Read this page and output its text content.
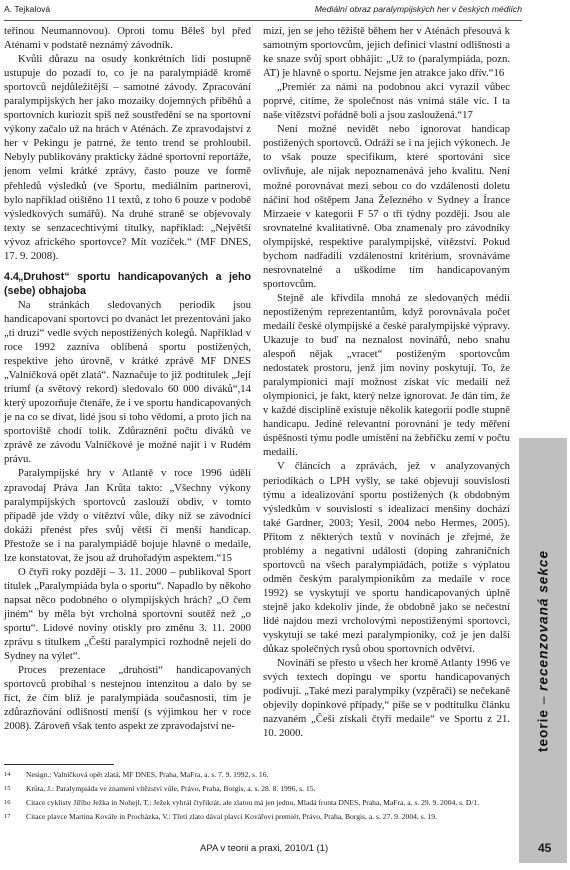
A. Tejkalová	Mediální obraz paralympijských her v českých médiích

teřinou Neumannovou). Oproti tomu Běleš byl před Aténami v podstatě neznámý závodník.

Kvůli důrazu na osudy konkrétních lidí postupně ustupuje do pozadí to, co je na paralympiádě kromě sportovců nejdůležitější – samotné závody. Zpracování paralympijských her jako mozaiky dojemných příběhů a sportovních kuriozit spíš než soustředění se na sportovní výkony začalo už na hrách v Aténách. Ze zpravodajství z her v Pekingu je patrné, že tento trend se prohloubil. Nebyly publikovány prakticky žádné sportovní reportáže, jenom velmi krátké zprávy, často pouze ve formě přehledů výsledků (ve Sportu, mediálním partnerovi, bylo například otištěno 11 textů, z toho 6 pouze v podobě výsledkových sumářů). Na druhé straně se objevovaly texty se senzacechtivými titulky, například: „Největší vývoz afrického sportovce? Mít vozíček.“ (MF DNES, 17. 9. 2008).

4.4„Druhost“ sportu handicapovaných a jeho (sebe) obhajoba

Na stránkách sledovaných periodik jsou handicapovaní sportovci po dvanáct let prezentováni jako „ti druzí“ vedle svých nepostižených kolegů. Například v roce 1992 zazníva oblíbená sportu postižených, respektive jeho úrovně, v krátké zprávě MF DNES „Valníčková opět zlatá“. Naznačuje to již podtitulek „Její triumf (a světový rekord) sledovalo 60 000 diváků“,14 který upozorňuje čtenáře, že i ve sportu handicapovaných je na co se dívat, lidé jsou si toho vědomi, a proto jich na sportoviště chodí tolik. Zdůraznění počtu diváků ve zprávě ze závodu Valníčkové je možné najít i v Rudém právu.

Paralympijské hry v Atlantě v roce 1996 údělí zpravodaj Práva Jan Krůta takto: „Všechny výkony paralympijských sportovců zaslouží obdiv, v tomto případě jde vždy o vítěztví vůle, díky níž se závodníci dokáží přenést přes svůj větší či menší handicap. Přestože se i na paralympiádě bojuje hlavně o medaile, lze konstatovat, že jsou až druhořadým aspektem.“15

O čtyři roky později – 3. 11. 2000 – publikoval Sport titulek „Paralympiáda byla o sportu“. Napadlo by někoho napsat něco podobného o olympijských hrách? „O čem jiném“ by měla být vrcholná sportovní soutěž než „o sportu“. Lidové noviny otiskly pro změnu 3. 11. 2000 zprávu s titulkem „Čeští paralympici rozhodně nejeli do Sydney na výlet“.

Proces prezentace „druhosti“ handicapovaných sportovců probíhal s nestejnou intenzitou a dalo by se říct, že čím blíž je paralympiáda současnosti, tím je zdůrazňování odlišností menší (s výjimkou her v roce 2008). Zároveň však tento aspekt ze zpravodajství ne-

mizí, jen se jeho těžiště během her v Aténách přesouvá k samotným sportovcům, jejich definici vlastní odlišnosti a ke snaze svůj sport obhájit: „Už to (paralympiáda, pozn. AT) je hlavně o sportu. Nejsme jen atrakce jako dřív.“16

„Premiér za námi na podobnou akci vyrazil vůbec poprvé, cítíme, že společnost nás vnímá stále víc. I ta naše vítězství pořádně boli a jsou zasloužená.“17

Není možné nevidět nebo ignorovat handicap postižených sportovců. Odráží se i na jejich výkonech. Je to však pouze specifikum, které sportování sice ovlivňuje, ale nijak nepoznamenává jeho kvalitu. Není možné porovnávat mezi sebou co do vzdálenosti doletu náčiní hod oštěpem Jana Železného v Sydney a Írance Mirzaeie v kategorii F 57 o tři týdny později. Jsou ale srovnatelné kvalitativně. Oba znamenaly pro závodníky olympijské, respektive paralympijské, vítězství. Pokud bychom nadřadili vzdálenostní kritérium, srovnáváme nesrovnatelné a uškodíme tím handicapovaným sportovcům.

Stejně ale křivdila mnohá ze sledovaných médií nepostiženým reprezentantům, když porovnávala počet medailí české olympijské a české paralympijské výpravy. Ukazuje to buď na neznalost novinářů, nebo snahu alespoň nějak „vracet“ postiženým sportovcům nedostatek prostoru, jenž jim noviny poskytují. To, že paralympionici mají možnost získat víc medailí než olympionici, je fakt, který nelze ignorovat. Je dán tím, že v každé disciplíně existuje několik kategorií podle stupně handicapu. Jediné relevantní porovnání je tedy měření úspěšnosti týmu podle umístění na žebříčku zemí v počtu medailí.

V článcích a zprávách, jež v analyzovaných periodikách o LPH vyšly, se také objevují souvislosti týmu a idealizování sportu postižených (k obdobným výsledkům v souvislosti s idealizací menšiny dochází také Gardner, 2003; Yesil, 2004 nebo Hermes, 2005). Přitom z některých textů v novinách je zřejmé, že problémy a negativní události (doping zahraničních sportovců na všech paralympiádách, potíže s výplatou odměn českým paralympionikům za medaile v roce 1992) se vyskytují ve sportu handicapovaných úplně stejně jako kdekoliv jinde, že obdobně jako se nečestní lidé najdou mezi vrcholovými nepostiženými sportovci, vyskytují se také mezi paralympioniky, což je jen další důkaz společných rysů obou sportovních odvětví.

Novináři se přesto u všech her kromě Atlanty 1996 ve svých textech dopingu ve sportu handicapovaných podivují. „Také mezi paralympiky (vzpěrači) se nečekaně objevily dopinkové případy,“ píše se v podtitulku článku nazvaném „Češi získali čtyři medaile“ ve Sportu z 21. 10. 2000.	teorie – recenzovaná sekce
14 Nesign.: Valníčková opět zlatá, MF DNES, Praha, MaFra, a. s. 7. 9. 1992, s. 16.
15 Krůta, J.: Paralympiáda ve znamení vítězství vůle, Právo, Praha, Borgis, a. s. 28. 8. 1996, s. 15.
16 Citace cyklisty Jiřího Ježka in Nohejl, T.: Ježek vyhrál čtyřikrát, ale zlatou má jen jednu, Mladá fronta DNES, Praha, MaFra, a. s. 29. 9. 2004, s. D/1.
17 Citace plavce Martina Kováře in Procházka, V.: Třetí zlato dával plavci Kovářovi premiér, Právo, Praha, Borgis, a. s. 27. 9. 2004, s. 19.
APA v teorii a praxi, 2010/1 (1)	45
